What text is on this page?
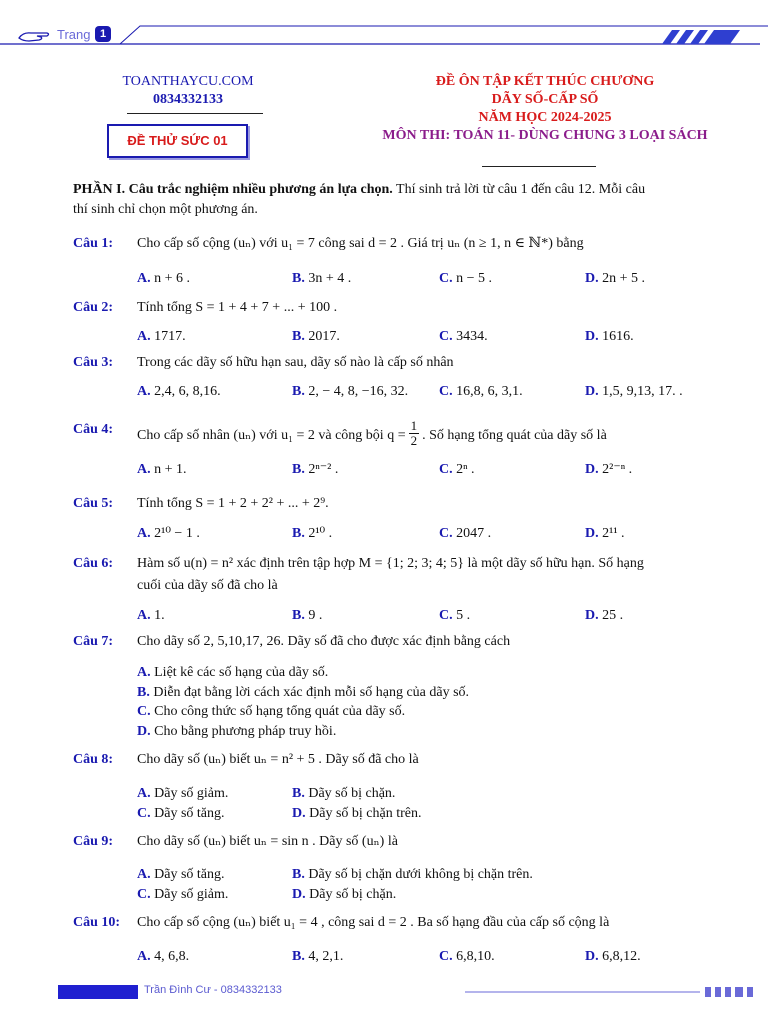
Trang 1
TOANTHAYCU.COM
0834332133
ĐỀ THỬ SỨC 01
ĐỀ ÔN TẬP KẾT THÚC CHƯƠNG
DÃY SỐ-CẤP SỐ
NĂM HỌC 2024-2025
MÔN THI: TOÁN 11- DÙNG CHUNG 3 LOẠI SÁCH
PHẦN I. Câu trắc nghiệm nhiều phương án lựa chọn. Thí sinh trả lời từ câu 1 đến câu 12. Mỗi câu
thí sinh chỉ chọn một phương án.
Câu 1: Cho cấp số cộng (uₙ) với u₁ = 7 công sai d = 2 . Giá trị uₙ (n ≥ 1, n ∈ ℕ*) bằng
A. n + 6 .	B. 3n + 4 .	C. n − 5 .	D. 2n + 5 .
Câu 2: Tính tổng S = 1 + 4 + 7 + ... + 100 .
A. 1717.	B. 2017.	C. 3434.	D. 1616.
Câu 3: Trong các dãy số hữu hạn sau, dãy số nào là cấp số nhân
A. 2,4, 6, 8,16.	B. 2, − 4, 8, −16, 32. C. 16,8, 6, 3,1.	D. 1,5, 9,13, 17. .
Câu 4: Cho cấp số nhân (uₙ) với u₁ = 2 và công bội $q = \frac{1}{2}$ . Số hạng tổng quát của dãy số là
A. n + 1.	B. 2ⁿ⁻² .	C. 2ⁿ .	D. 2²⁻ⁿ .
Câu 5: Tính tổng S = 1 + 2 + 2² + ... + 2⁹.
A. 2¹⁰ − 1 .	B. 2¹⁰ .	C. 2047 .	D. 2¹¹ .
Câu 6: Hàm số u(n) = n² xác định trên tập hợp M = {1; 2; 3; 4; 5} là một dãy số hữu hạn. Số hạng
cuối của dãy số đã cho là
A. 1.	B. 9 .	C. 5 .	D. 25 .
Câu 7: Cho dãy số 2, 5,10,17, 26. Dãy số đã cho được xác định bằng cách
A. Liệt kê các số hạng của dãy số.
B. Diễn đạt bằng lời cách xác định mỗi số hạng của dãy số.
C. Cho công thức số hạng tổng quát của dãy số.
D. Cho bằng phương pháp truy hồi.
Câu 8: Cho dãy số (uₙ) biết uₙ = n² + 5 . Dãy số đã cho là
A. Dãy số giảm.	B. Dãy số bị chặn.
C. Dãy số tăng.	D. Dãy số bị chặn trên.
Câu 9: Cho dãy số (uₙ) biết uₙ = sin n . Dãy số (uₙ) là
A. Dãy số tăng.	B. Dãy số bị chặn dưới không bị chặn trên.
C. Dãy số giảm.	D. Dãy số bị chặn.
Câu 10: Cho cấp số cộng (uₙ) biết u₁ = 4 , công sai d = 2 . Ba số hạng đầu của cấp số cộng là
A. 4, 6,8.	B. 4, 2,1.	C. 6,8,10.	D. 6,8,12.
Trần Đình Cư - 0834332133
